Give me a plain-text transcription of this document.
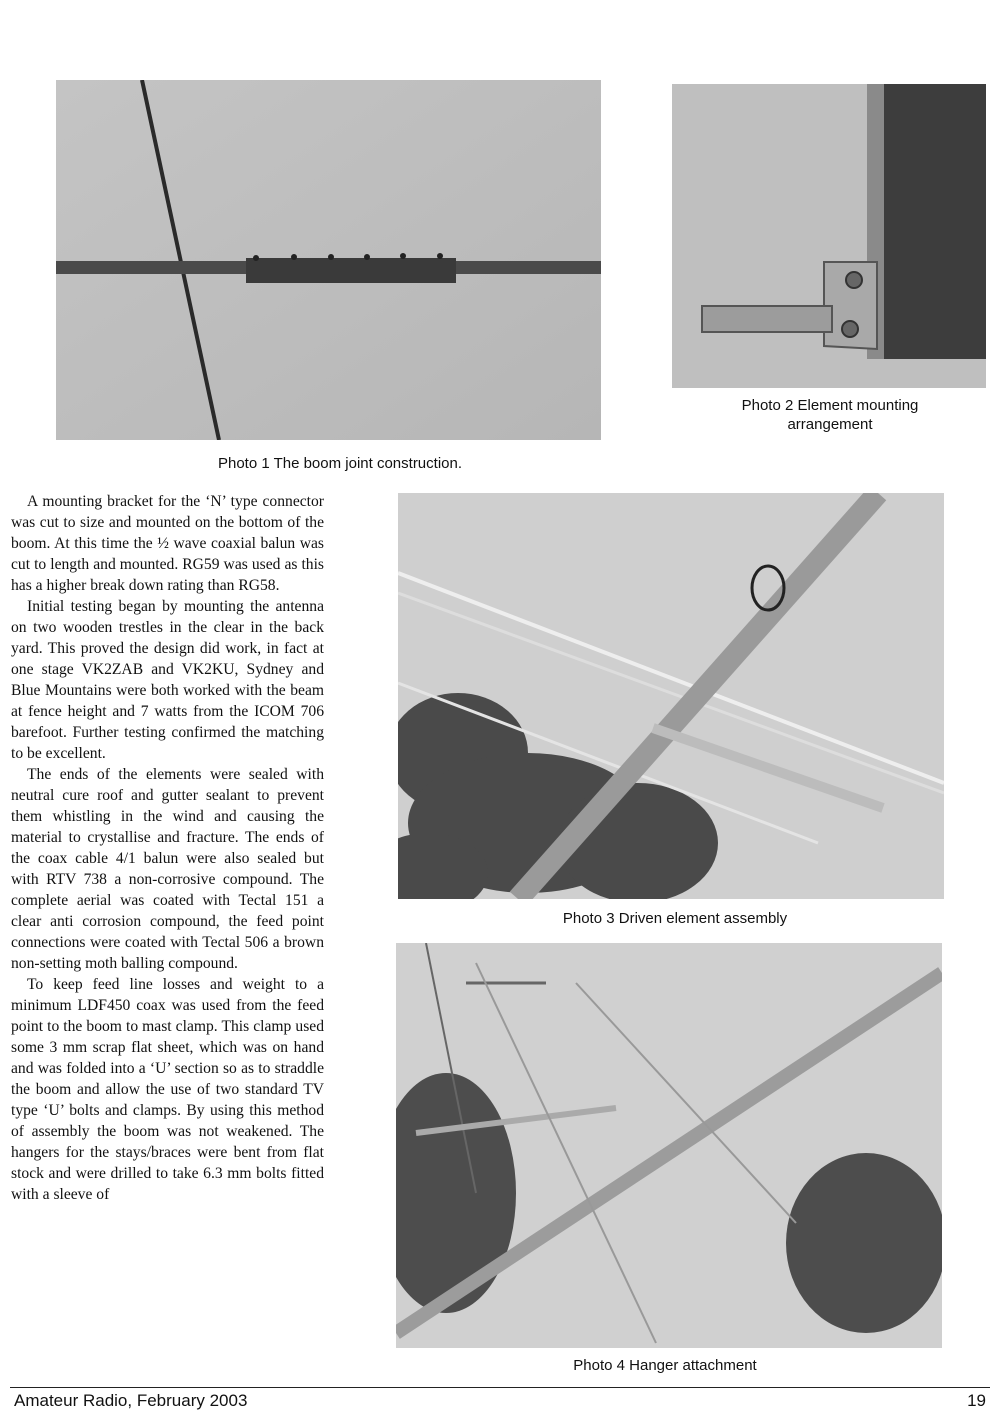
Photo 1 The boom joint construction.
Photo 2 Element mounting
arrangement

A mounting bracket for the ‘N’ type connector was cut to size and mounted on the bottom of the boom. At this time the ½ wave coaxial balun was cut to length and mounted. RG59 was used as this has a higher break down rating than RG58.

Initial testing began by mounting the antenna on two wooden trestles in the clear in the back yard. This proved the design did work, in fact at one stage VK2ZAB and VK2KU, Sydney and Blue Mountains were both worked with the beam at fence height and 7 watts from the ICOM 706 barefoot. Further testing confirmed the matching to be excellent.

The ends of the elements were sealed with neutral cure roof and gutter sealant to prevent them whistling in the wind and causing the material to crystallise and fracture. The ends of the coax cable 4/1 balun were also sealed but with RTV 738 a non-corrosive compound. The complete aerial was coated with Tectal 151 a clear anti corrosion compound, the feed point connections were coated with Tectal 506 a brown non-setting moth balling compound.

To keep feed line losses and weight to a minimum LDF450 coax was used from the feed point to the boom to mast clamp. This clamp used some 3 mm scrap flat sheet, which was on hand and was folded into a ‘U’ section so as to straddle the boom and allow the use of two standard TV type ‘U’ bolts and clamps. By using this method of assembly the boom was not weakened. The hangers for the stays/braces were bent from flat stock and were drilled to take 6.3 mm bolts fitted with a sleeve of

Photo 3 Driven element assembly
Photo 4 Hanger attachment
Amateur Radio, February 2003	19
